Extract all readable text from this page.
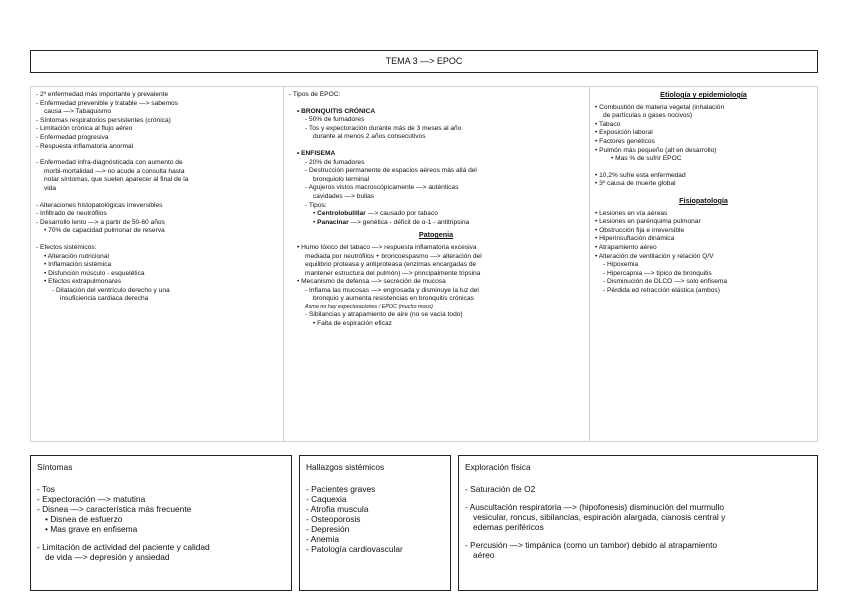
TEMA 3 —> EPOC
- 2º enfermedad más importante y prevalente
- Enfermedad prevenible y tratable —> sabemos
causa —> Tabaquismo
- Síntomas respiratorios persistentes (crónica)
- Limitación crónica al flujo aéreo
- Enfermedad progresiva
- Respuesta inflamatoria anormal
- Enfermedad infra-diagnósticada con aumento de
morbi-mortalidad —> no acude a consulta hasta
notar síntomas, que suelen aparecer al final de la
vida
- Alteraciones histopatológicas irreversibles
- Infiltrado de neutrófilos
- Desarrollo lento —> a partir de 50-60 años
• 70% de capacidad pulmonar de reserva
- Efectos sistémicos:
• Alteración nutricional
• Inflamación sistémica
• Disfunción músculo - esquelética
• Efectos extrapulmonares
- Dilatación del ventrículo derecho y una
insuficiencia cardiaca derecha
- Tipos de EPOC:
• BRONQUITIS CRÓNICA
- 50% de fumadores
- Tos y expectoración durante más de 3 meses al año
durante al menos 2 años consecutivos
• ENFISEMA
- 20% de fumadores
- Destrucción permanente de espacios aéreos más allá del
bronquiolo terminal
- Agujeros vistos macroscópicamente —> auténticas
cavidades —> bullas
- Tipos:
• Centrolobulillar —> causado por tabaco
• Panacinar —> genética - déficit de α-1 - antitripsina
Patogenia
• Humo tóxico del tabaco —> respuesta inflamatoria excesiva
mediada por neutrófilos + broncoespasmo —> alteración del
equilibrio proteasa y antiproteasa (enzimas encargadas de
mantener estructura del pulmón) —> principalmente tripsina
• Mecanismo de defensa —> secreción de mucosa
- Inflama las mucosas —> engrosada y disminuye la luz del
bronquio y aumenta resistencias en bronquitis crónicas
Asma no hay expectoraciones / EPOC (mucho moco)
- Sibilancias y atrapamiento de aire (no se vacía todo)
• Falta de espiración eficaz
Etiología y epidemiología
• Combustión de materia vegetal (inhalación
de partículas o gases nocivos)
• Tabaco
• Exposición laboral
• Factores genéticos
• Pulmón más pequeño (alt en desarrollo)
• Mas % de sufrir EPOC
• 10,2% sufre esta enfermedad
• 3º causa de muerte global
Fisiopatología
• Lesiones en vía aéreas
• Lesiones en parénquima pulmonar
• Obstrucción fija e irreversible
• Hiperinsuflación dinámica
• Atrapamiento aéreo
• Alteración de ventilación y relación Q/V
- Hipoxemia
- Hipercapnia —> típico de bronquitis
- Disminución de DLCO —> solo enfisema
- Pérdida ed retracción elástica (ambos)
Síntomas
- Tos
- Expectoración —> matutina
- Disnea —> característica más frecuente
• Disnea de esfuerzo
• Mas grave en enfisema
- Limitación de actividad del paciente y calidad
de vida —> depresión y ansiedad
Hallazgos sistémicos
- Pacientes graves
- Caquexia
- Atrofia muscula
- Osteoporosis
- Depresión
- Anemia
- Patología cardiovascular
Exploración física
- Saturación de O2
- Auscultación respiratoria —> (hipofonesis) disminución del murmullo
vesicular, roncus, sibilancias, espiración alargada, cianosis central y
edemas periféricos
- Percusión —> timpánica (como un tambor) debido al atrapamiento
aéreo
